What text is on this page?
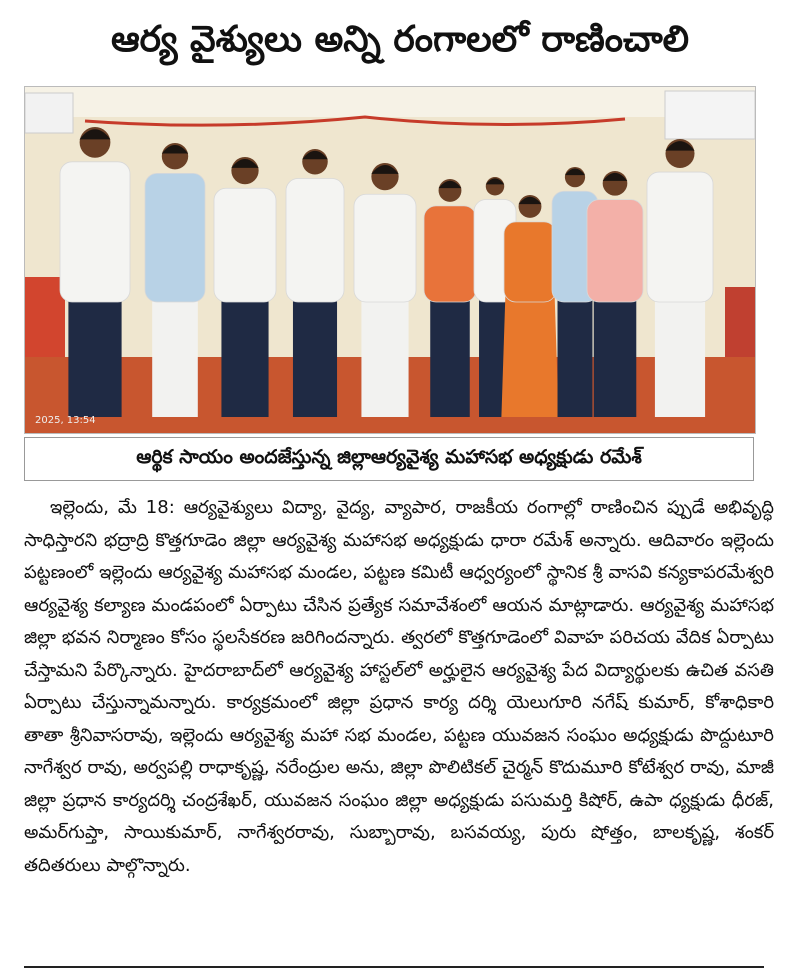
ఆర్య వైశ్యులు అన్ని రంగాలలో రాణించాలి
2025, 13:54
ఆర్థిక సాయం అందజేస్తున్న జిల్లాఆర్యవైశ్య మహాసభ అధ్యక్షుడు రమేశ్
ఇల్లెందు, మే 18: ఆర్యవైశ్యులు విద్యా, వైద్య, వ్యాపార, రాజకీయ రంగాల్లో రాణించిన ప్పుడే అభివృద్ధి సాధిస్తారని భద్రాద్రి కొత్తగూడెం జిల్లా ఆర్యవైశ్య మహాసభ అధ్యక్షుడు ధారా రమేశ్ అన్నారు. ఆదివారం ఇల్లెందు పట్టణంలో ఇల్లెందు ఆర్యవైశ్య మహాసభ మండల, పట్టణ కమిటీ ఆధ్వర్యంలో స్థానిక శ్రీ వాసవి కన్యకాపరమేశ్వరి ఆర్యవైశ్య కల్యాణ మండపంలో ఏర్పాటు చేసిన ప్రత్యేక సమావేశంలో ఆయన మాట్లాడారు. ఆర్యవైశ్య మహాసభ జిల్లా భవన నిర్మాణం కోసం స్థలసేకరణ జరిగిందన్నారు. త్వరలో కొత్తగూడెంలో వివాహ పరిచయ వేదిక ఏర్పాటు చేస్తామని పేర్కొన్నారు. హైదరాబాద్‌లో ఆర్యవైశ్య హాస్టల్‌లో అర్హులైన ఆర్యవైశ్య పేద విద్యార్థులకు ఉచిత వసతి ఏర్పాటు చేస్తున్నామన్నారు. కార్యక్రమంలో జిల్లా ప్రధాన కార్య దర్శి యెలుగూరి నగేష్ కుమార్, కోశాధికారి తాతా శ్రీనివాసరావు, ఇల్లెందు ఆర్యవైశ్య మహా సభ మండల, పట్టణ యువజన సంఘం అధ్యక్షుడు పొద్దుటూరి నాగేశ్వర రావు, అర్వపల్లి రాధాకృష్ణ, నరేంద్రుల అను, జిల్లా పొలిటికల్ చైర్మన్ కొదుమూరి కోటేశ్వర రావు, మాజీ జిల్లా ప్రధాన కార్యదర్శి చంద్రశేఖర్, యువజన సంఘం జిల్లా అధ్యక్షుడు పసుమర్తి కిషోర్, ఉపా ధ్యక్షుడు ధీరజ్, అమర్‌గుప్తా, సాయికుమార్, నాగేశ్వరరావు, సుబ్బారావు, బసవయ్య, పురు షోత్తం, బాలకృష్ణ, శంకర్ తదితరులు పాల్గొన్నారు.
